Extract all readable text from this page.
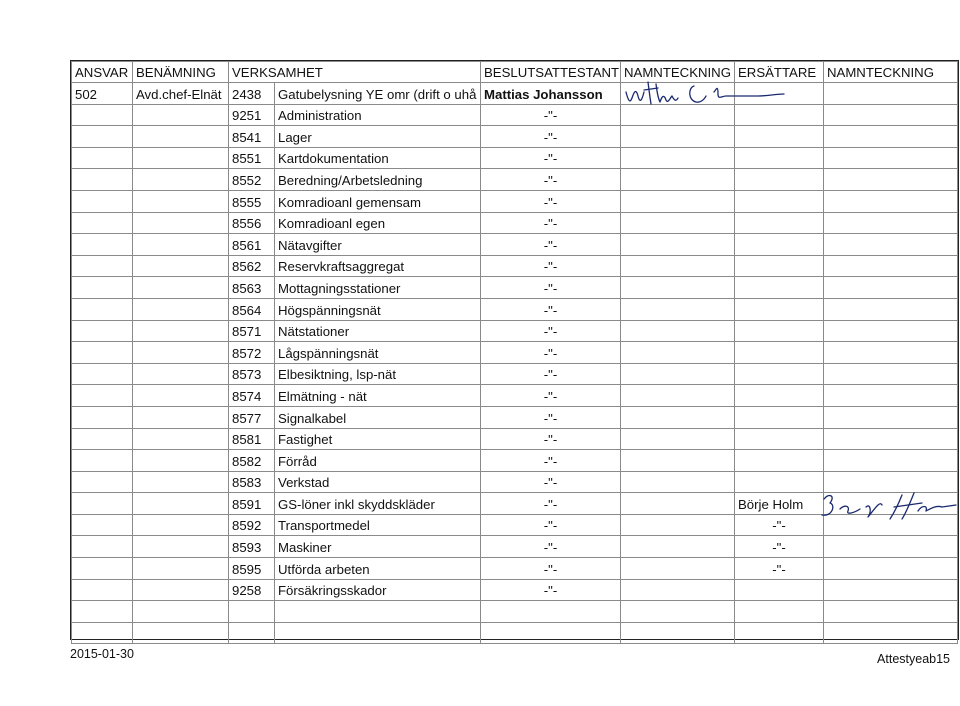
ANSVAR	BENÄMNING	VERKSAMHET		BESLUTSATTESTANT	NAMNTECKNING	ERSÄTTARE	NAMNTECKNING
502	Avd.chef-Elnät	2438	Gatubelysning YE omr (drift o uhå	Mattias Johansson			
		9251	Administration	-"-			
		8541	Lager	-"-			
		8551	Kartdokumentation	-"-			
		8552	Beredning/Arbetsledning	-"-			
		8555	Komradioanl gemensam	-"-			
		8556	Komradioanl egen	-"-			
		8561	Nätavgifter	-"-			
		8562	Reservkraftsaggregat	-"-			
		8563	Mottagningsstationer	-"-			
		8564	Högspänningsnät	-"-			
		8571	Nätstationer	-"-			
		8572	Lågspänningsnät	-"-			
		8573	Elbesiktning, lsp-nät	-"-			
		8574	Elmätning - nät	-"-			
		8577	Signalkabel	-"-			
		8581	Fastighet	-"-			
		8582	Förråd	-"-			
		8583	Verkstad	-"-			
		8591	GS-löner inkl skyddskläder	-"-		Börje Holm	
		8592	Transportmedel	-"-		-"-	
		8593	Maskiner	-"-		-"-	
		8595	Utförda arbeten	-"-		-"-	
		9258	Försäkringsskador	-"-			

2015-01-30	Attestyeab15
